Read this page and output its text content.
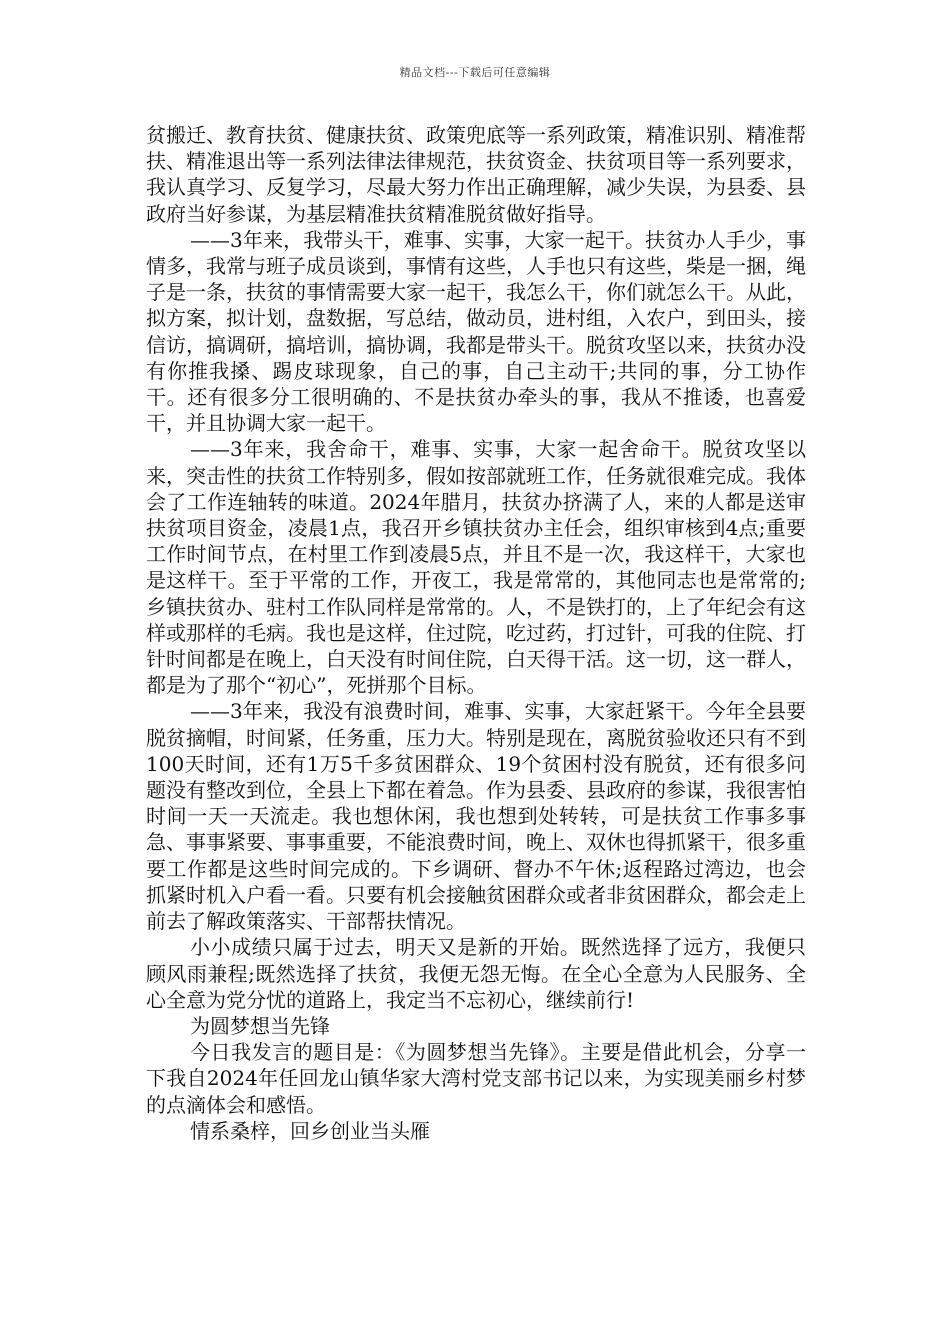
精品文档---下载后可任意编辑

贫搬迁、教育扶贫、健康扶贫、政策兜底等一系列政策，精准识别、精准帮扶、精准退出等一系列法律法律规范，扶贫资金、扶贫项目等一系列要求，我认真学习、反复学习，尽最大努力作出正确理解，减少失误，为县委、县政府当好参谋，为基层精准扶贫精准脱贫做好指导。

——3年来，我带头干，难事、实事，大家一起干。扶贫办人手少，事情多，我常与班子成员谈到，事情有这些，人手也只有这些，柴是一捆，绳子是一条，扶贫的事情需要大家一起干，我怎么干，你们就怎么干。从此，拟方案，拟计划，盘数据，写总结，做动员，进村组，入农户，到田头，接信访，搞调研，搞培训，搞协调，我都是带头干。脱贫攻坚以来，扶贫办没有你推我搡、踢皮球现象，自己的事，自己主动干;共同的事，分工协作干。还有很多分工很明确的、不是扶贫办牵头的事，我从不推诿，也喜爱干，并且协调大家一起干。

——3年来，我舍命干，难事、实事，大家一起舍命干。脱贫攻坚以来，突击性的扶贫工作特别多，假如按部就班工作，任务就很难完成。我体会了工作连轴转的味道。2024年腊月，扶贫办挤满了人，来的人都是送审扶贫项目资金，凌晨1点，我召开乡镇扶贫办主任会，组织审核到4点;重要工作时间节点，在村里工作到凌晨5点，并且不是一次，我这样干，大家也是这样干。至于平常的工作，开夜工，我是常常的，其他同志也是常常的;乡镇扶贫办、驻村工作队同样是常常的。人，不是铁打的，上了年纪会有这样或那样的毛病。我也是这样，住过院，吃过药，打过针，可我的住院、打针时间都是在晚上，白天没有时间住院，白天得干活。这一切，这一群人，都是为了那个“初心”，死拼那个目标。

——3年来，我没有浪费时间，难事、实事，大家赶紧干。今年全县要脱贫摘帽，时间紧，任务重，压力大。特别是现在，离脱贫验收还只有不到100天时间，还有1万5千多贫困群众、19个贫困村没有脱贫，还有很多问题没有整改到位，全县上下都在着急。作为县委、县政府的参谋，我很害怕时间一天一天流走。我也想休闲，我也想到处转转，可是扶贫工作事多事急、事事紧要、事事重要，不能浪费时间，晚上、双休也得抓紧干，很多重要工作都是这些时间完成的。下乡调研、督办不午休;返程路过湾边，也会抓紧时机入户看一看。只要有机会接触贫困群众或者非贫困群众，都会走上前去了解政策落实、干部帮扶情况。

小小成绩只属于过去，明天又是新的开始。既然选择了远方，我便只顾风雨兼程;既然选择了扶贫，我便无怨无悔。在全心全意为人民服务、全心全意为党分忧的道路上，我定当不忘初心，继续前行!

为圆梦想当先锋

今日我发言的题目是：《为圆梦想当先锋》。主要是借此机会，分享一下我自2024年任回龙山镇华家大湾村党支部书记以来，为实现美丽乡村梦的点滴体会和感悟。

情系桑梓，回乡创业当头雁
